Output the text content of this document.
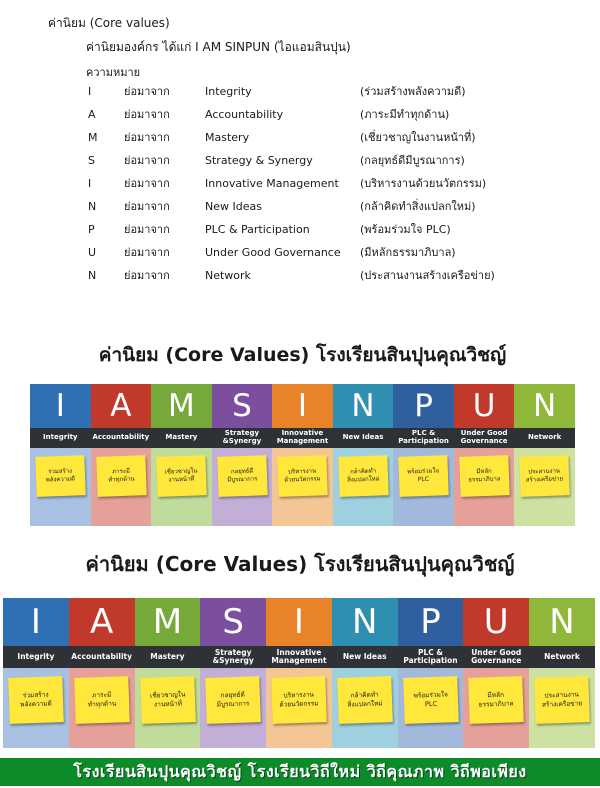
ค่านิยม (Core values)
ค่านิยมองค์กร ได้แก่ I AM SINPUN (ไอแอมสินปุน)
ความหมาย
I	ย่อมาจาก	Integrity	(ร่วมสร้างพลังความดี)
A	ย่อมาจาก	Accountability	(ภาระมีทำทุกด้าน)
M ย่อมาจาก	Mastery	(เชี่ยวชาญในงานหน้าที่)
S	ย่อมาจาก	Strategy & Synergy	(กลยุทธ์ดีมีบูรณาการ)
I	ย่อมาจาก	Innovative Management (บริหารงานด้วยนวัตกรรม)
N	ย่อมาจาก	New Ideas	(กล้าคิดทำสิ่งแปลกใหม่)
P	ย่อมาจาก	PLC & Participation	(พร้อมร่วมใจ PLC)
U	ย่อมาจาก	Under Good Governance (มีหลักธรรมาภิบาล)
N	ย่อมาจาก	Network	(ประสานงานสร้างเครือข่าย)
ค่านิยม (Core Values) โรงเรียนสินปุนคุณวิชญ์
I
Integrity
ร่วมสร้าง
พลังความดี
A
Accountability
ภาระมี
ทำทุกด้าน
M
Mastery
เชี่ยวชาญใน
งานหน้าที่
S
Strategy &Synergy
กลยุทธ์ดี
มีบูรณาการ
I
Innovative
Management
บริหารงาน
ด้วยนวัตกรรม
N
New Ideas
กล้าคิดทำ
สิ่งแปลกใหม่
P
PLC & Participation
พร้อมร่วมใจ
PLC
U
Under Good
Governance
มีหลัก
ธรรมาภิบาล
N
Network
ประสานงาน
สร้างเครือข่าย
ค่านิยม (Core Values) โรงเรียนสินปุนคุณวิชญ์
I
Integrity
ร่วมสร้าง
พลังความดี
A
Accountability
ภาระมี
ทำทุกด้าน
M
Mastery
เชี่ยวชาญใน
งานหน้าที่
S
Strategy &Synergy
กลยุทธ์ดี
มีบูรณาการ
I
Innovative
Management
บริหารงาน
ด้วยนวัตกรรม
N
New Ideas
กล้าคิดทำ
สิ่งแปลกใหม่
P
PLC & Participation
พร้อมร่วมใจ
PLC
U
Under Good
Governance
มีหลัก
ธรรมาภิบาล
N
Network
ประสานงาน
สร้างเครือข่าย
โรงเรียนสินปุนคุณวิชญ์ โรงเรียนวิถีใหม่ วิถีคุณภาพ วิถีพอเพียง
